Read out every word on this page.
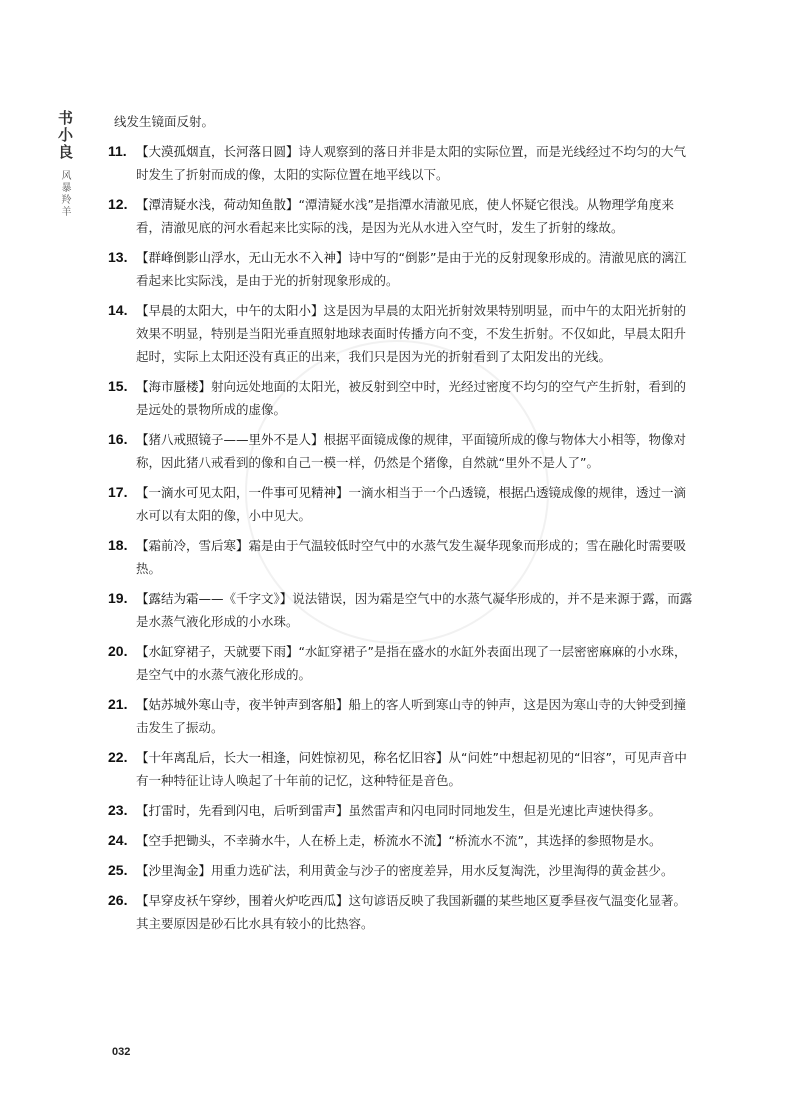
书小良
风暴羚羊
线发生镜面反射。
11. 【大漠孤烟直，长河落日圆】诗人观察到的落日并非是太阳的实际位置，而是光线经过不均匀的大气时发生了折射而成的像，太阳的实际位置在地平线以下。
12. 【潭清疑水浅，荷动知鱼散】“潭清疑水浅”是指潭水清澈见底，使人怀疑它很浅。从物理学角度来看，清澈见底的河水看起来比实际的浅，是因为光从水进入空气时，发生了折射的缘故。
13. 【群峰倒影山浮水，无山无水不入神】诗中写的“倒影”是由于光的反射现象形成的。清澈见底的漓江看起来比实际浅，是由于光的折射现象形成的。
14. 【早晨的太阳大，中午的太阳小】这是因为早晨的太阳光折射效果特别明显，而中午的太阳光折射的效果不明显，特别是当阳光垂直照射地球表面时传播方向不变，不发生折射。不仅如此，早晨太阳升起时，实际上太阳还没有真正的出来，我们只是因为光的折射看到了太阳发出的光线。
15. 【海市蜃楼】射向远处地面的太阳光，被反射到空中时，光经过密度不均匀的空气产生折射，看到的是远处的景物所成的虚像。
16. 【猪八戒照镜子——里外不是人】根据平面镜成像的规律，平面镜所成的像与物体大小相等，物像对称，因此猪八戒看到的像和自己一模一样，仍然是个猪像，自然就“里外不是人了”。
17. 【一滴水可见太阳，一件事可见精神】一滴水相当于一个凸透镜，根据凸透镜成像的规律，透过一滴水可以有太阳的像，小中见大。
18. 【霜前冷，雪后寒】霜是由于气温较低时空气中的水蒸气发生凝华现象而形成的；雪在融化时需要吸热。
19. 【露结为霜——《千字文》】说法错误，因为霜是空气中的水蒸气凝华形成的，并不是来源于露，而露是水蒸气液化形成的小水珠。
20. 【水缸穿裙子，天就要下雨】“水缸穿裙子”是指在盛水的水缸外表面出现了一层密密麻麻的小水珠，是空气中的水蒸气液化形成的。
21. 【姑苏城外寒山寺，夜半钟声到客船】船上的客人听到寒山寺的钟声，这是因为寒山寺的大钟受到撞击发生了振动。
22. 【十年离乱后，长大一相逢，问姓惊初见，称名忆旧容】从“问姓”中想起初见的“旧容”，可见声音中有一种特征让诗人唤起了十年前的记忆，这种特征是音色。
23. 【打雷时，先看到闪电，后听到雷声】虽然雷声和闪电同时同地发生，但是光速比声速快得多。
24. 【空手把锄头，不幸骑水牛，人在桥上走，桥流水不流】“桥流水不流”，其选择的参照物是水。
25. 【沙里淘金】用重力选矿法，利用黄金与沙子的密度差异，用水反复淘洗，沙里淘得的黄金甚少。
26. 【早穿皮袄午穿纱，围着火炉吃西瓜】这句谚语反映了我国新疆的某些地区夏季昼夜气温变化显著。其主要原因是砂石比水具有较小的比热容。
032
